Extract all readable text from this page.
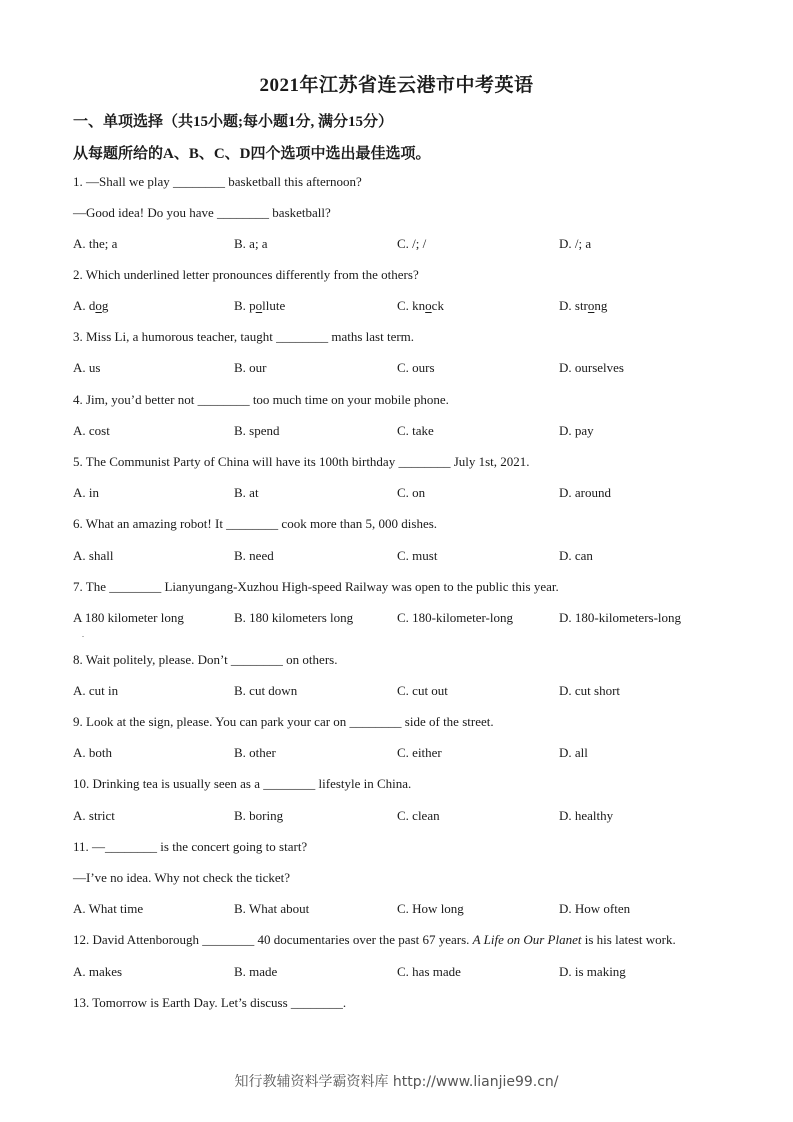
2021年江苏省连云港市中考英语
一、单项选择（共15小题;每小题1分, 满分15分）
从每题所给的A、B、C、D四个选项中选出最佳选项。
1. —Shall we play ________ basketball this afternoon?
—Good idea! Do you have ________ basketball?
A. the; a	B. a; a	C. /; /	D. /; a
2. Which underlined letter pronounces differently from the others?
A. dog	B. pollute	C. knock	D. strong
3. Miss Li, a humorous teacher, taught ________ maths last term.
A. us	B. our	C. ours	D. ourselves
4. Jim, you’d better not ________ too much time on your mobile phone.
A. cost	B. spend	C. take	D. pay
5. The Communist Party of China will have its 100th birthday ________ July 1st, 2021.
A. in	B. at	C. on	D. around
6. What an amazing robot! It ________ cook more than 5, 000 dishes.
A. shall	B. need	C. must	D. can
7. The ________ Lianyungang-Xuzhou High-speed Railway was open to the public this year.
A 180 kilometer long	B. 180 kilometers long	C. 180-kilometer-long	D. 180-kilometers-long
.
8. Wait politely, please. Don’t ________ on others.
A. cut in	B. cut down	C. cut out	D. cut short
9. Look at the sign, please. You can park your car on ________ side of the street.
A. both	B. other	C. either	D. all
10. Drinking tea is usually seen as a ________ lifestyle in China.
A. strict	B. boring	C. clean	D. healthy
11. —________ is the concert going to start?
—I’ve no idea. Why not check the ticket?
A. What time	B. What about	C. How long	D. How often
12. David Attenborough ________ 40 documentaries over the past 67 years. A Life on Our Planet is his latest work.
A. makes	B. made	C. has made	D. is making
13. Tomorrow is Earth Day. Let’s discuss ________.
知行教辅资料学霸资料库 http://www.lianjie99.cn/
